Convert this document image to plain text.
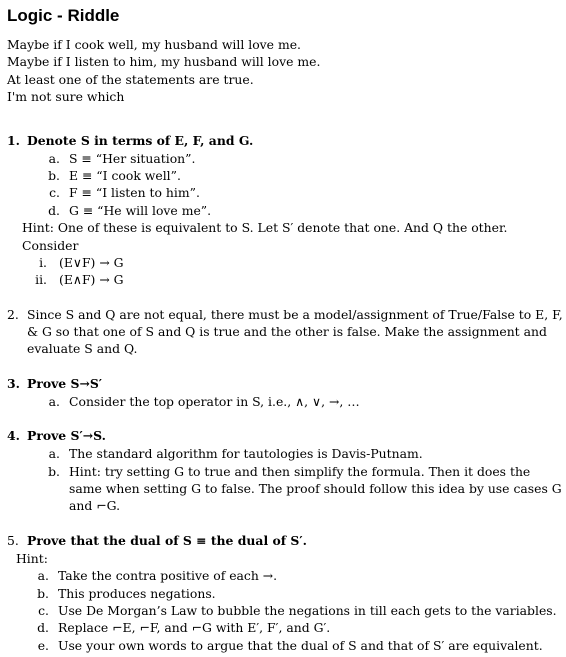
Logic - Riddle
Maybe if I cook well, my husband will love me.
Maybe if I listen to him, my husband will love me.
At least one of the statements are true.
I'm not sure which
1. Denote S in terms of E, F, and G.
a. S ≡ “Her situation”.
b. E ≡ “I cook well”.
c. F ≡ “I listen to him”.
d. G ≡ “He will love me”.
Hint: One of these is equivalent to S. Let S′ denote that one. And Q the other.
Consider
i. (E∨F) → G
ii. (E∧F) → G
2. Since S and Q are not equal, there must be a model/assignment of True/False to E, F,
& G so that one of S and Q is true and the other is false. Make the assignment and
evaluate S and Q.
3. Prove S→S′
a. Consider the top operator in S, i.e., ∧, ∨, →, …
4. Prove S′→S.
a. The standard algorithm for tautologies is Davis-Putnam.
b. Hint: try setting G to true and then simplify the formula. Then it does the
same when setting G to false. The proof should follow this idea by use cases G
and ⌐G.
5. Prove that the dual of S ≡ the dual of S′.
Hint:
a. Take the contra positive of each →.
b. This produces negations.
c. Use De Morgan’s Law to bubble the negations in till each gets to the variables.
d. Replace ⌐E, ⌐F, and ⌐G with E′, F′, and G′.
e. Use your own words to argue that the dual of S and that of S′ are equivalent.
